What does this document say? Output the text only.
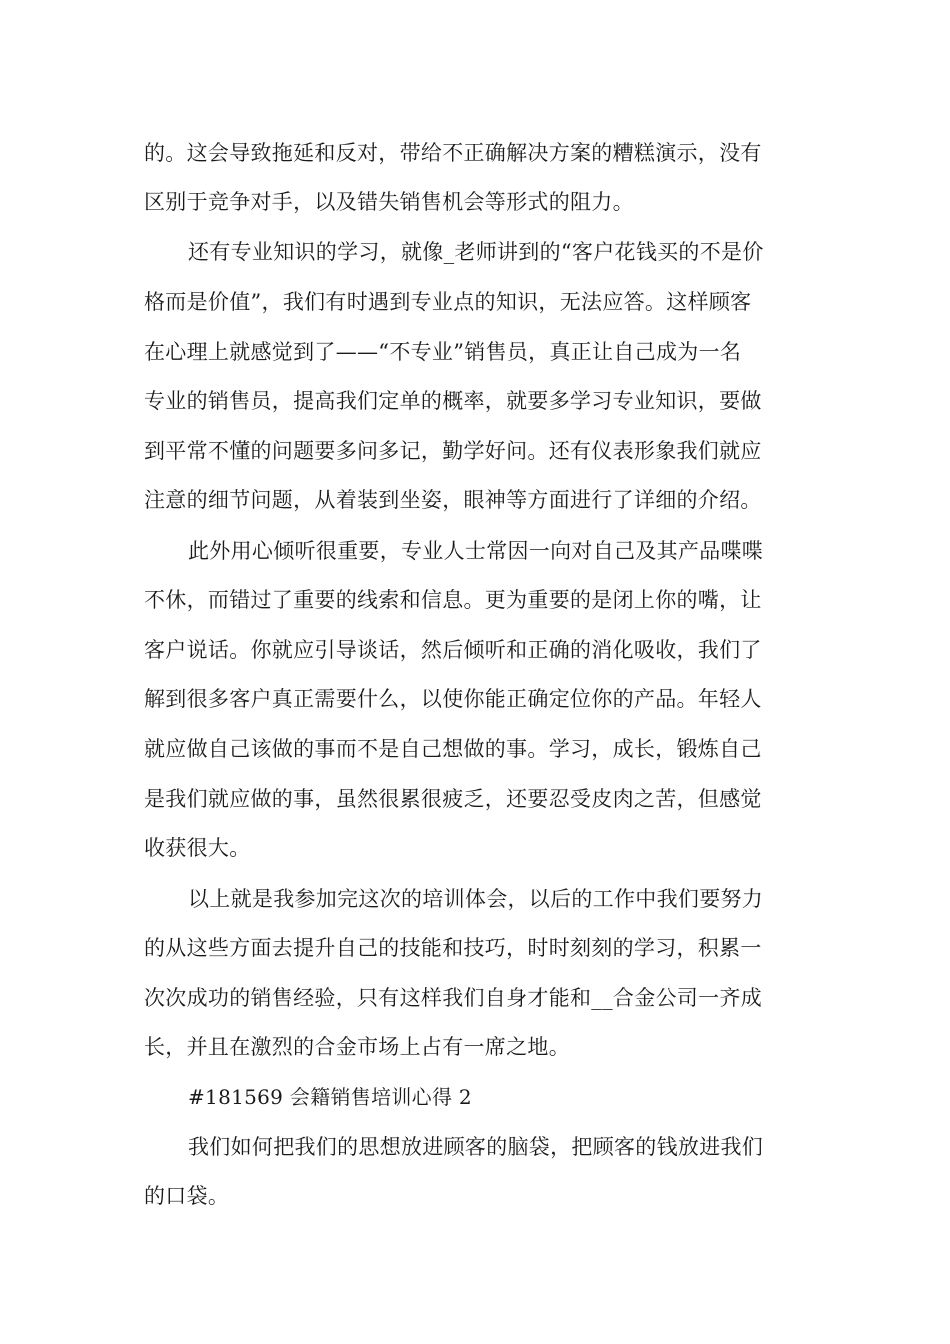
的。这会导致拖延和反对，带给不正确解决方案的糟糕演示，没有
区别于竞争对手，以及错失销售机会等形式的阻力。
还有专业知识的学习，就像_老师讲到的“客户花钱买的不是价
格而是价值”，我们有时遇到专业点的知识，无法应答。这样顾客
在心理上就感觉到了——“不专业”销售员，真正让自己成为一名
专业的销售员，提高我们定单的概率，就要多学习专业知识，要做
到平常不懂的问题要多问多记，勤学好问。还有仪表形象我们就应
注意的细节问题，从着装到坐姿，眼神等方面进行了详细的介绍。
此外用心倾听很重要，专业人士常因一向对自己及其产品喋喋
不休，而错过了重要的线索和信息。更为重要的是闭上你的嘴，让
客户说话。你就应引导谈话，然后倾听和正确的消化吸收，我们了
解到很多客户真正需要什么，以使你能正确定位你的产品。年轻人
就应做自己该做的事而不是自己想做的事。学习，成长，锻炼自己
是我们就应做的事，虽然很累很疲乏，还要忍受皮肉之苦，但感觉
收获很大。
以上就是我参加完这次的培训体会，以后的工作中我们要努力
的从这些方面去提升自己的技能和技巧，时时刻刻的学习，积累一
次次成功的销售经验，只有这样我们自身才能和__合金公司一齐成
长，并且在激烈的合金市场上占有一席之地。
#181569 会籍销售培训心得 2
我们如何把我们的思想放进顾客的脑袋，把顾客的钱放进我们
的口袋。
